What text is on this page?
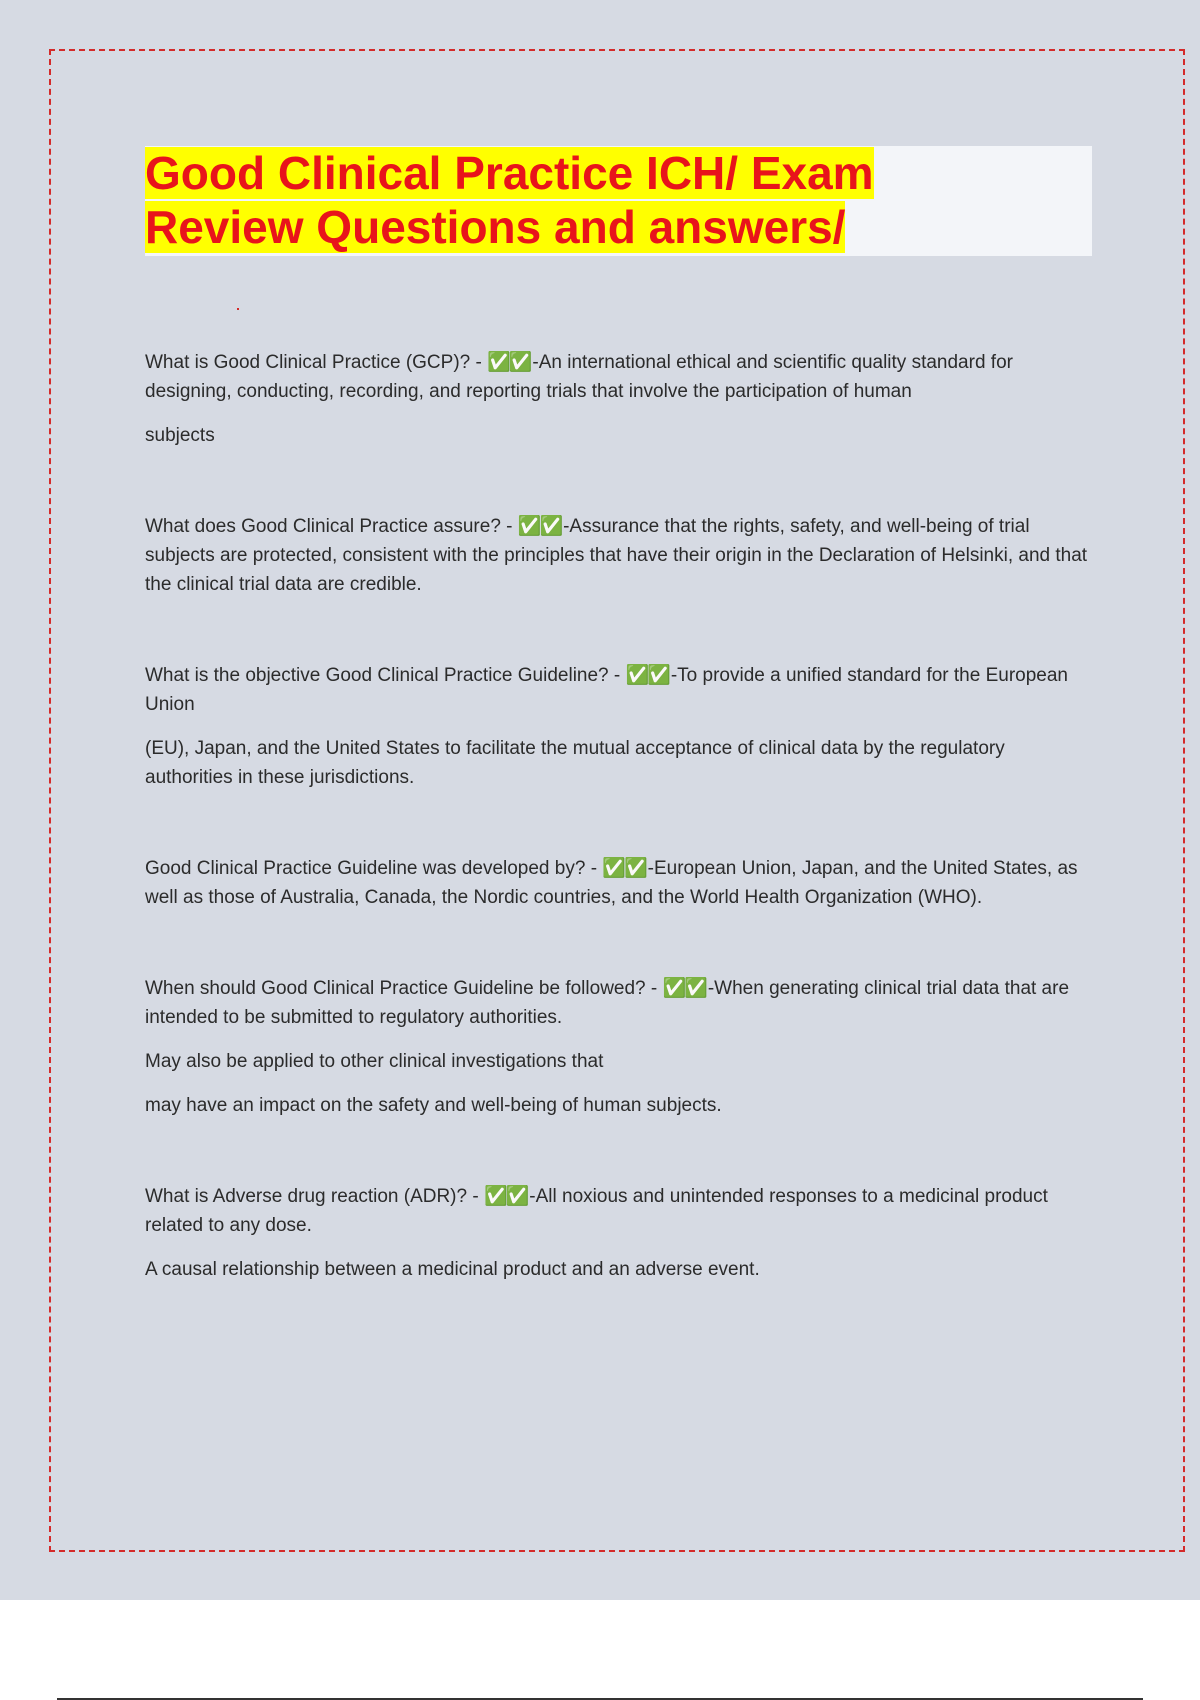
Good Clinical Practice ICH/ Exam
Review Questions and answers/

What is Good Clinical Practice (GCP)? - ✅✅ -An international ethical and scientific quality standard for designing, conducting, recording, and reporting trials that involve the participation of human

subjects

What does Good Clinical Practice assure? - ✅✅ -Assurance that the rights, safety, and well-being of trial subjects are protected, consistent with the principles that have their origin in the Declaration of Helsinki, and that the clinical trial data are credible.

What is the objective Good Clinical Practice Guideline? - ✅✅ -To provide a unified standard for the European Union

(EU), Japan, and the United States to facilitate the mutual acceptance of clinical data by the regulatory authorities in these jurisdictions.

Good Clinical Practice Guideline was developed by? - ✅✅ -European Union, Japan, and the United States, as well as those of Australia, Canada, the Nordic countries, and the World Health Organization (WHO).

When should Good Clinical Practice Guideline be followed? - ✅✅ -When generating clinical trial data that are intended to be submitted to regulatory authorities.

May also be applied to other clinical investigations that

may have an impact on the safety and well-being of human subjects.

What is Adverse drug reaction (ADR)? - ✅✅ -All noxious and unintended responses to a medicinal product related to any dose.

A causal relationship between a medicinal product and an adverse event.
